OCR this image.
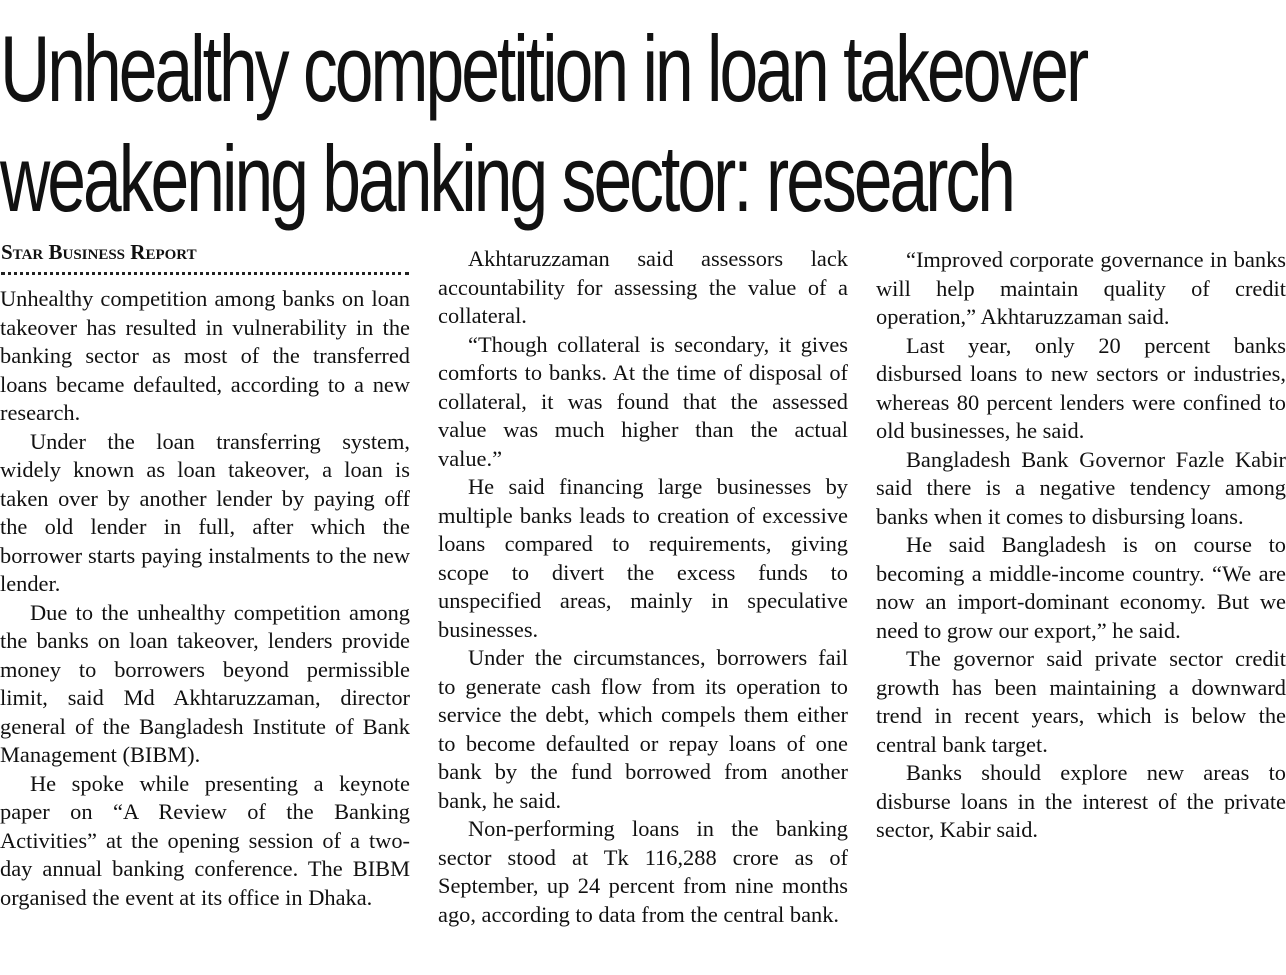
Unhealthy competition in loan takeover
weakening banking sector: research
Star Business Report

Unhealthy competition among banks on loan takeover has resulted in vulnerability in the banking sector as most of the transferred loans became defaulted, according to a new research.

Under the loan transferring system, widely known as loan takeover, a loan is taken over by another lender by paying off the old lender in full, after which the borrower starts paying instalments to the new lender.

Due to the unhealthy competition among the banks on loan takeover, lenders provide money to borrowers beyond permissible limit, said Md Akhtaruzzaman, director general of the Bangladesh Institute of Bank Management (BIBM).

He spoke while presenting a keynote paper on “A Review of the Banking Activities” at the opening session of a two-day annual banking conference. The BIBM organised the event at its office in Dhaka.

Akhtaruzzaman said assessors lack accountability for assessing the value of a collateral.

“Though collateral is secondary, it gives comforts to banks. At the time of disposal of collateral, it was found that the assessed value was much higher than the actual value.”

He said financing large businesses by multiple banks leads to creation of excessive loans compared to requirements, giving scope to divert the excess funds to unspecified areas, mainly in speculative businesses.

Under the circumstances, borrowers fail to generate cash flow from its operation to service the debt, which compels them either to become defaulted or repay loans of one bank by the fund borrowed from another bank, he said.

Non-performing loans in the banking sector stood at Tk 116,288 crore as of September, up 24 percent from nine months ago, according to data from the central bank.

“Improved corporate governance in banks will help maintain quality of credit operation,” Akhtaruzzaman said.

Last year, only 20 percent banks disbursed loans to new sectors or industries, whereas 80 percent lenders were confined to old businesses, he said.

Bangladesh Bank Governor Fazle Kabir said there is a negative tendency among banks when it comes to disbursing loans.

He said Bangladesh is on course to becoming a middle-income country. “We are now an import-dominant economy. But we need to grow our export,” he said.

The governor said private sector credit growth has been maintaining a downward trend in recent years, which is below the central bank target.

Banks should explore new areas to disburse loans in the interest of the private sector, Kabir said.
